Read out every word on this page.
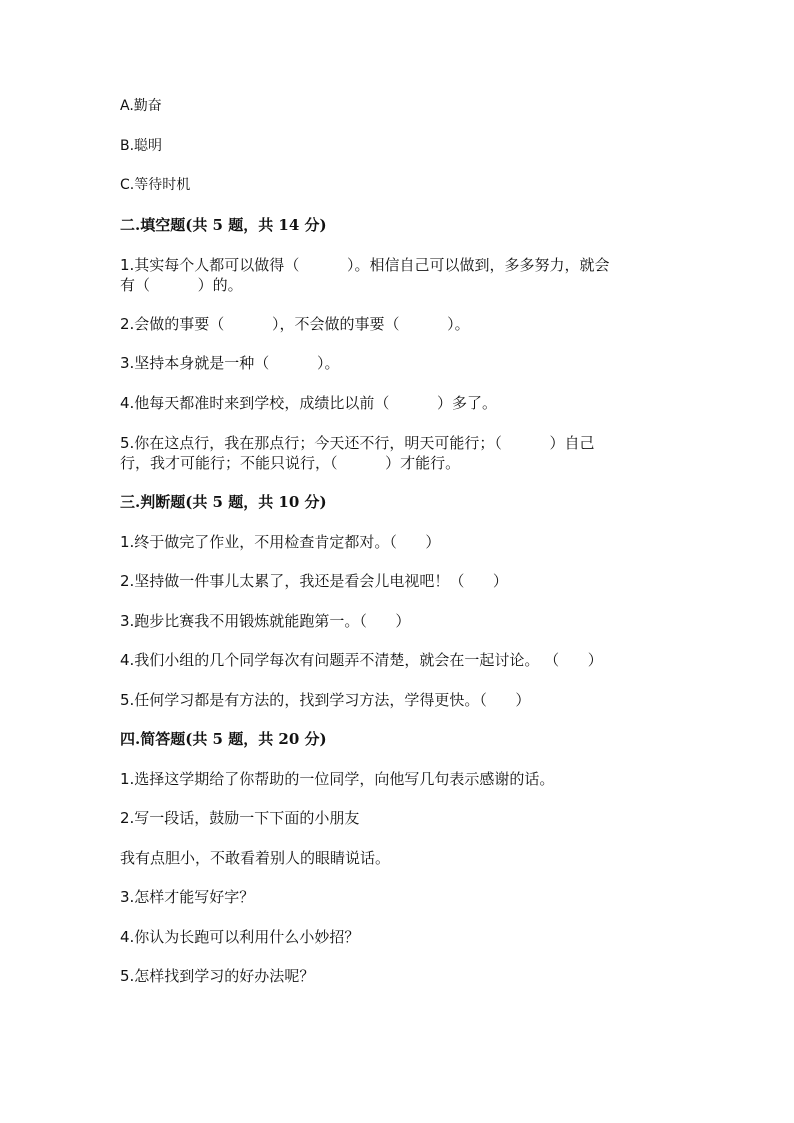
A.勤奋

B.聪明

C.等待时机

二.填空题(共 5 题，共 14 分)

1.其实每个人都可以做得（          ）。相信自己可以做到，多多努力，就会

有（          ）的。

2.会做的事要（          ），不会做的事要（          ）。

3.坚持本身就是一种（          ）。

4.他每天都准时来到学校，成绩比以前（          ）多了。

5.你在这点行，我在那点行；今天还不行，明天可能行；（          ）自己

行，我才可能行；不能只说行，（          ）才能行。

三.判断题(共 5 题，共 10 分)

1.终于做完了作业，不用检查肯定都对。（      ）

2.坚持做一件事儿太累了，我还是看会儿电视吧！（      ）

3.跑步比赛我不用锻炼就能跑第一。（      ）

4.我们小组的几个同学每次有问题弄不清楚，就会在一起讨论。 （      ）

5.任何学习都是有方法的，找到学习方法，学得更快。（      ）

四.简答题(共 5 题，共 20 分)

1.选择这学期给了你帮助的一位同学，向他写几句表示感谢的话。

2.写一段话，鼓励一下下面的小朋友

我有点胆小，不敢看着别人的眼睛说话。

3.怎样才能写好字？

4.你认为长跑可以利用什么小妙招？

5.怎样找到学习的好办法呢？
